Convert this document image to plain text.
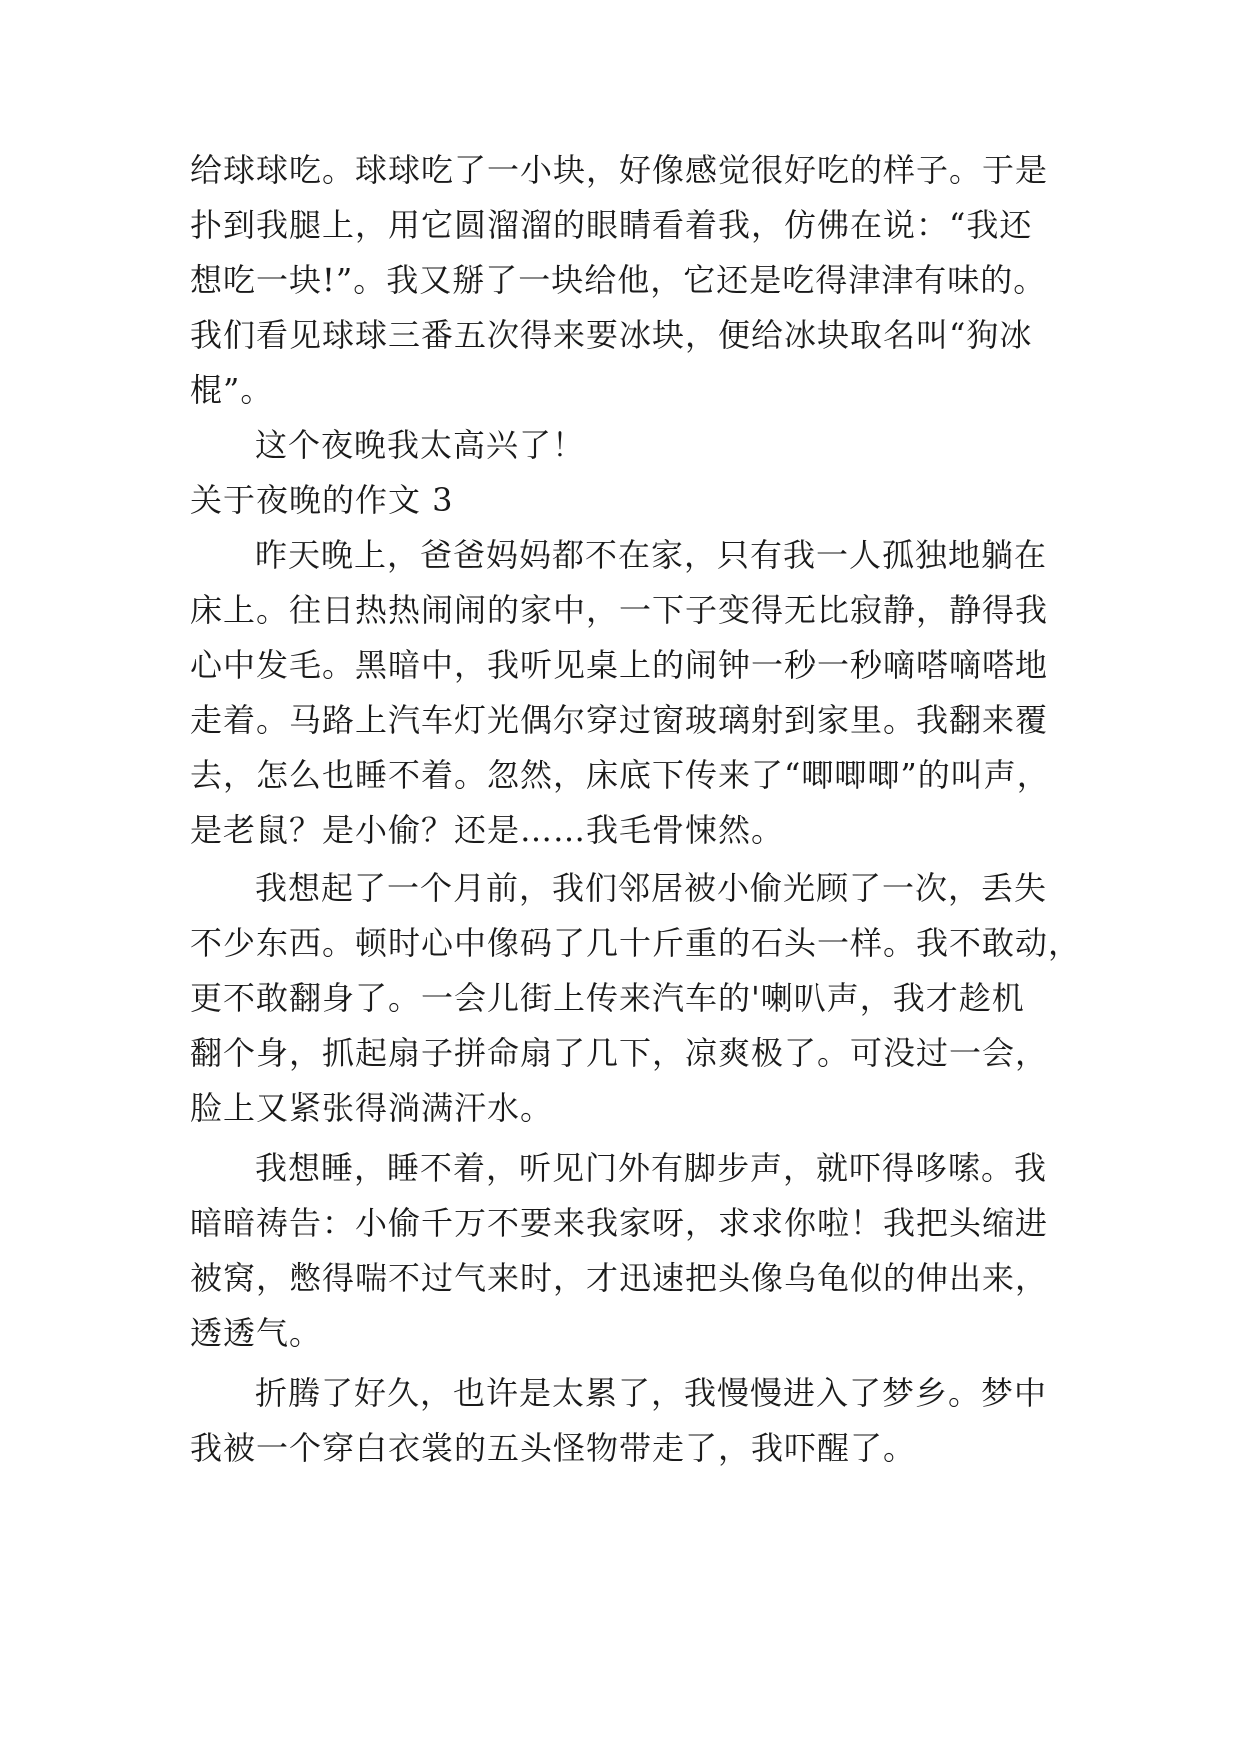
给球球吃。球球吃了一小块，好像感觉很好吃的样子。于是
扑到我腿上，用它圆溜溜的眼睛看着我，仿佛在说：“我还
想吃一块!”。我又掰了一块给他，它还是吃得津津有味的。
我们看见球球三番五次得来要冰块，便给冰块取名叫“狗冰
棍”。
这个夜晚我太高兴了！
关于夜晚的作文 3
昨天晚上，爸爸妈妈都不在家，只有我一人孤独地躺在
床上。往日热热闹闹的家中，一下子变得无比寂静，静得我
心中发毛。黑暗中，我听见桌上的闹钟一秒一秒嘀嗒嘀嗒地
走着。马路上汽车灯光偶尔穿过窗玻璃射到家里。我翻来覆
去，怎么也睡不着。忽然，床底下传来了“唧唧唧”的叫声，
是老鼠？是小偷？还是……我毛骨悚然。
我想起了一个月前，我们邻居被小偷光顾了一次，丢失
不少东西。顿时心中像码了几十斤重的石头一样。我不敢动，
更不敢翻身了。一会儿街上传来汽车的'喇叭声，我才趁机
翻个身，抓起扇子拼命扇了几下，凉爽极了。可没过一会，
脸上又紧张得淌满汗水。
我想睡，睡不着，听见门外有脚步声，就吓得哆嗦。我
暗暗祷告：小偷千万不要来我家呀，求求你啦！我把头缩进
被窝，憋得喘不过气来时，才迅速把头像乌龟似的伸出来，
透透气。
折腾了好久，也许是太累了，我慢慢进入了梦乡。梦中
我被一个穿白衣裳的五头怪物带走了，我吓醒了。
